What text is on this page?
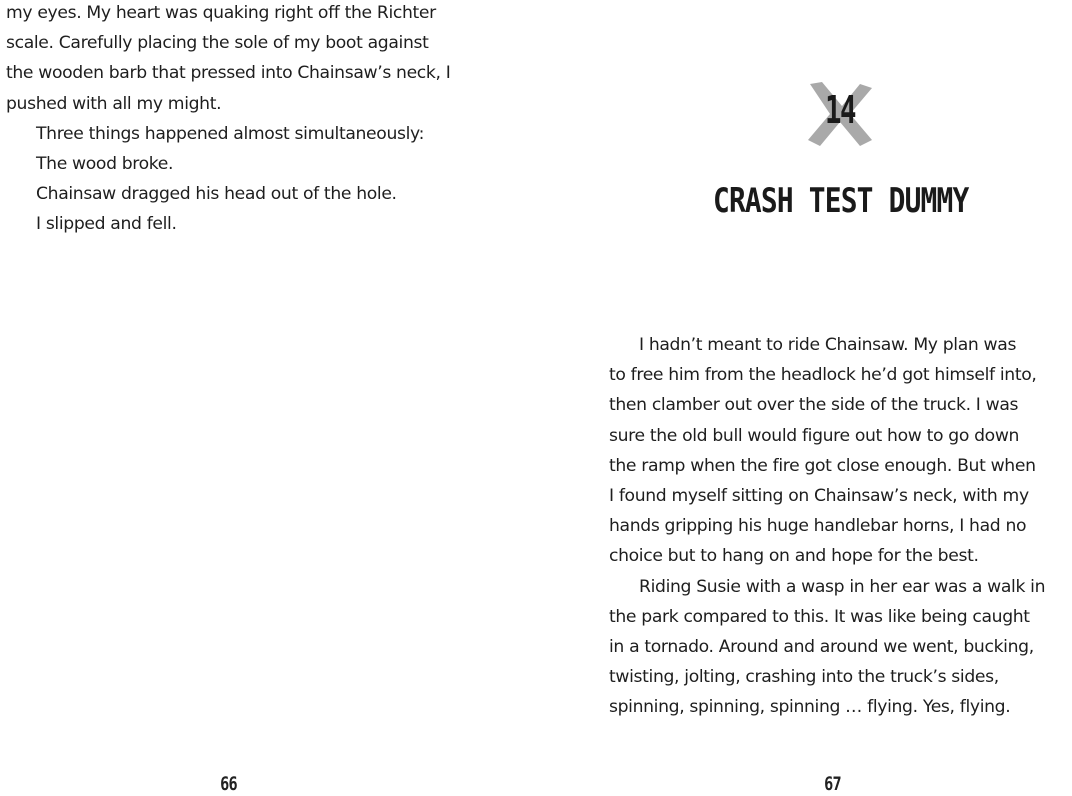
my eyes. My heart was quaking right off the Richter
scale. Carefully placing the sole of my boot against
the wooden barb that pressed into Chainsaw’s neck, I
pushed with all my might.
Three things happened almost simultaneously:
The wood broke.
Chainsaw dragged his head out of the hole.
I slipped and fell.
66
14
CRASH TEST DUMMY
I hadn’t meant to ride Chainsaw. My plan was
to free him from the headlock he’d got himself into,
then clamber out over the side of the truck. I was
sure the old bull would figure out how to go down
the ramp when the fire got close enough. But when
I found myself sitting on Chainsaw’s neck, with my
hands gripping his huge handlebar horns, I had no
choice but to hang on and hope for the best.
Riding Susie with a wasp in her ear was a walk in
the park compared to this. It was like being caught
in a tornado. Around and around we went, bucking,
twisting, jolting, crashing into the truck’s sides,
spinning, spinning, spinning … flying. Yes, flying.
67
